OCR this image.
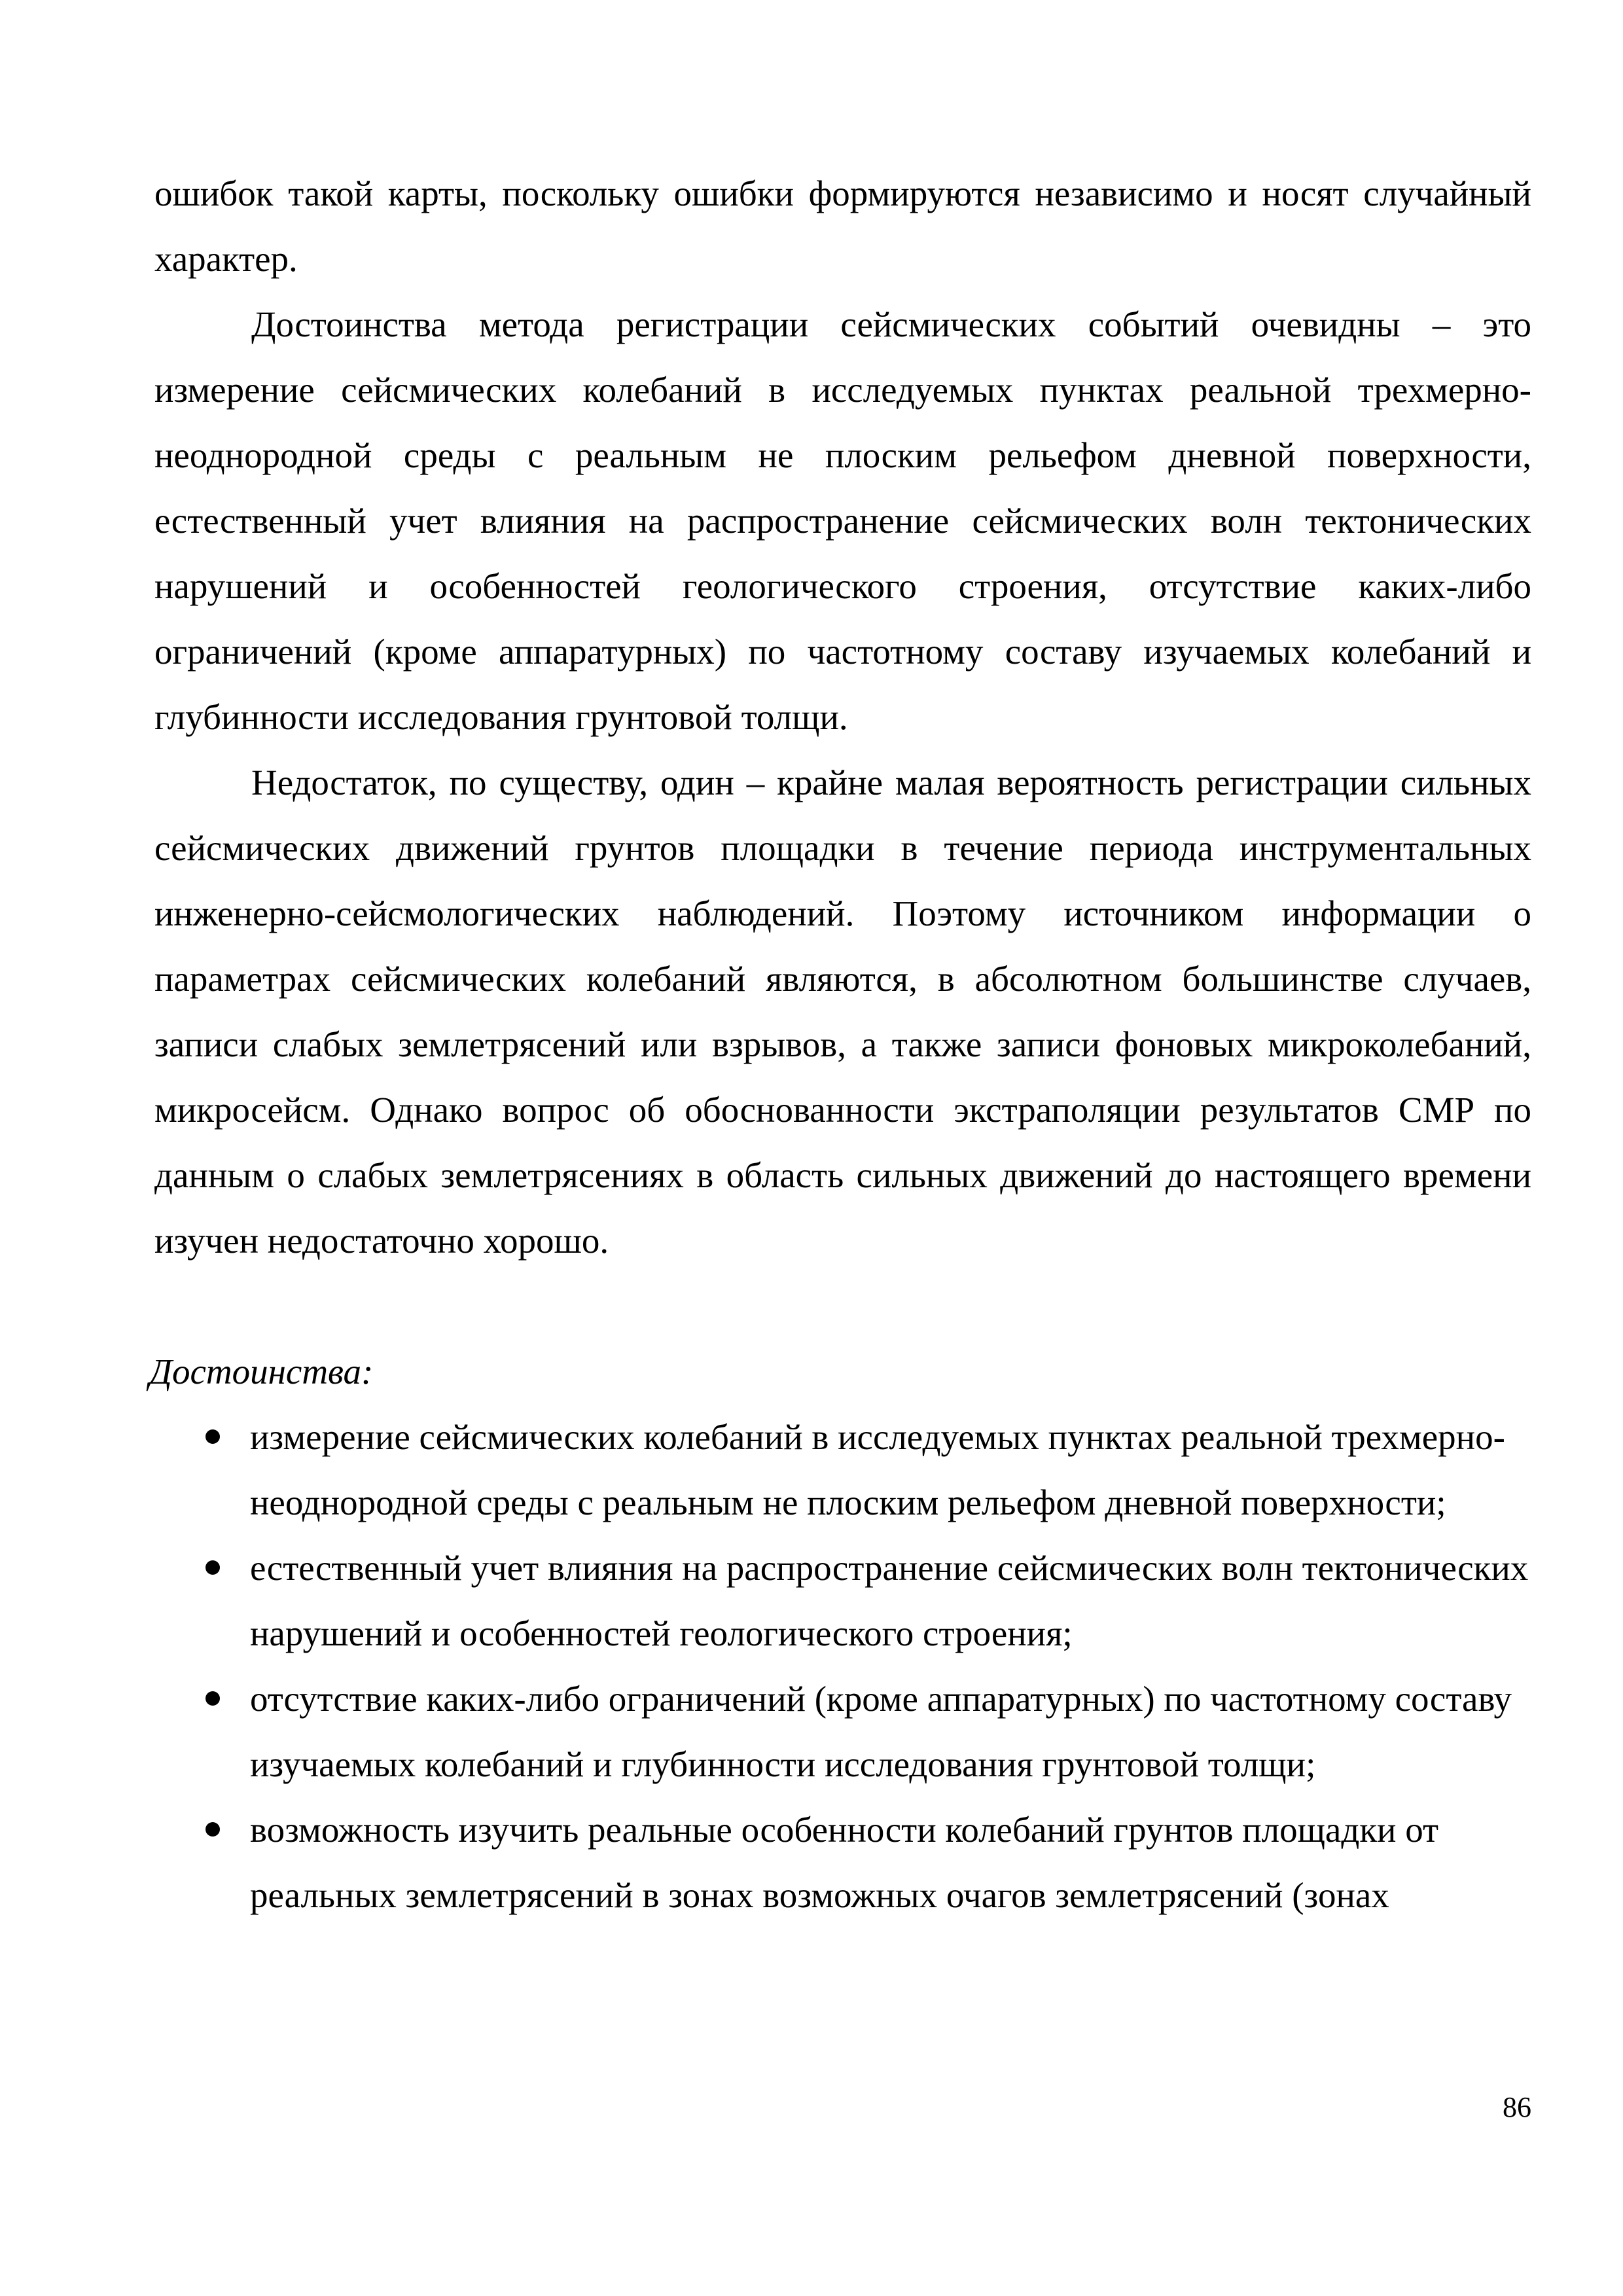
ошибок такой карты, поскольку ошибки формируются независимо и носят случайный характер.

Достоинства метода регистрации сейсмических событий очевидны – это измерение сейсмических колебаний в исследуемых пунктах реальной трехмерно-неоднородной среды с реальным не плоским рельефом дневной поверхности, естественный учет влияния на распространение сейсмических волн тектонических нарушений и особенностей геологического строения, отсутствие каких-либо ограничений (кроме аппаратурных) по частотному составу изучаемых колебаний и глубинности исследования грунтовой толщи.

Недостаток, по существу, один – крайне малая вероятность регистрации сильных сейсмических движений грунтов площадки в течение периода инструментальных инженерно-сейсмологических наблюдений. Поэтому источником информации о параметрах сейсмических колебаний являются, в абсолютном большинстве случаев, записи слабых землетрясений или взрывов, а также записи фоновых микроколебаний, микросейсм. Однако вопрос об обоснованности экстраполяции результатов СМР по данным о слабых землетрясениях в область сильных движений до настоящего времени изучен недостаточно хорошо.

Достоинства:
измерение сейсмических колебаний в исследуемых пунктах реальной трехмерно-неоднородной среды с реальным не плоским рельефом дневной поверхности;
естественный учет влияния на распространение сейсмических волн тектонических нарушений и особенностей геологического строения;
отсутствие каких-либо ограничений (кроме аппаратурных) по частотному составу изучаемых колебаний и глубинности исследования грунтовой толщи;
возможность изучить реальные особенности колебаний грунтов площадки от реальных землетрясений в зонах возможных очагов землетрясений (зонах
86
